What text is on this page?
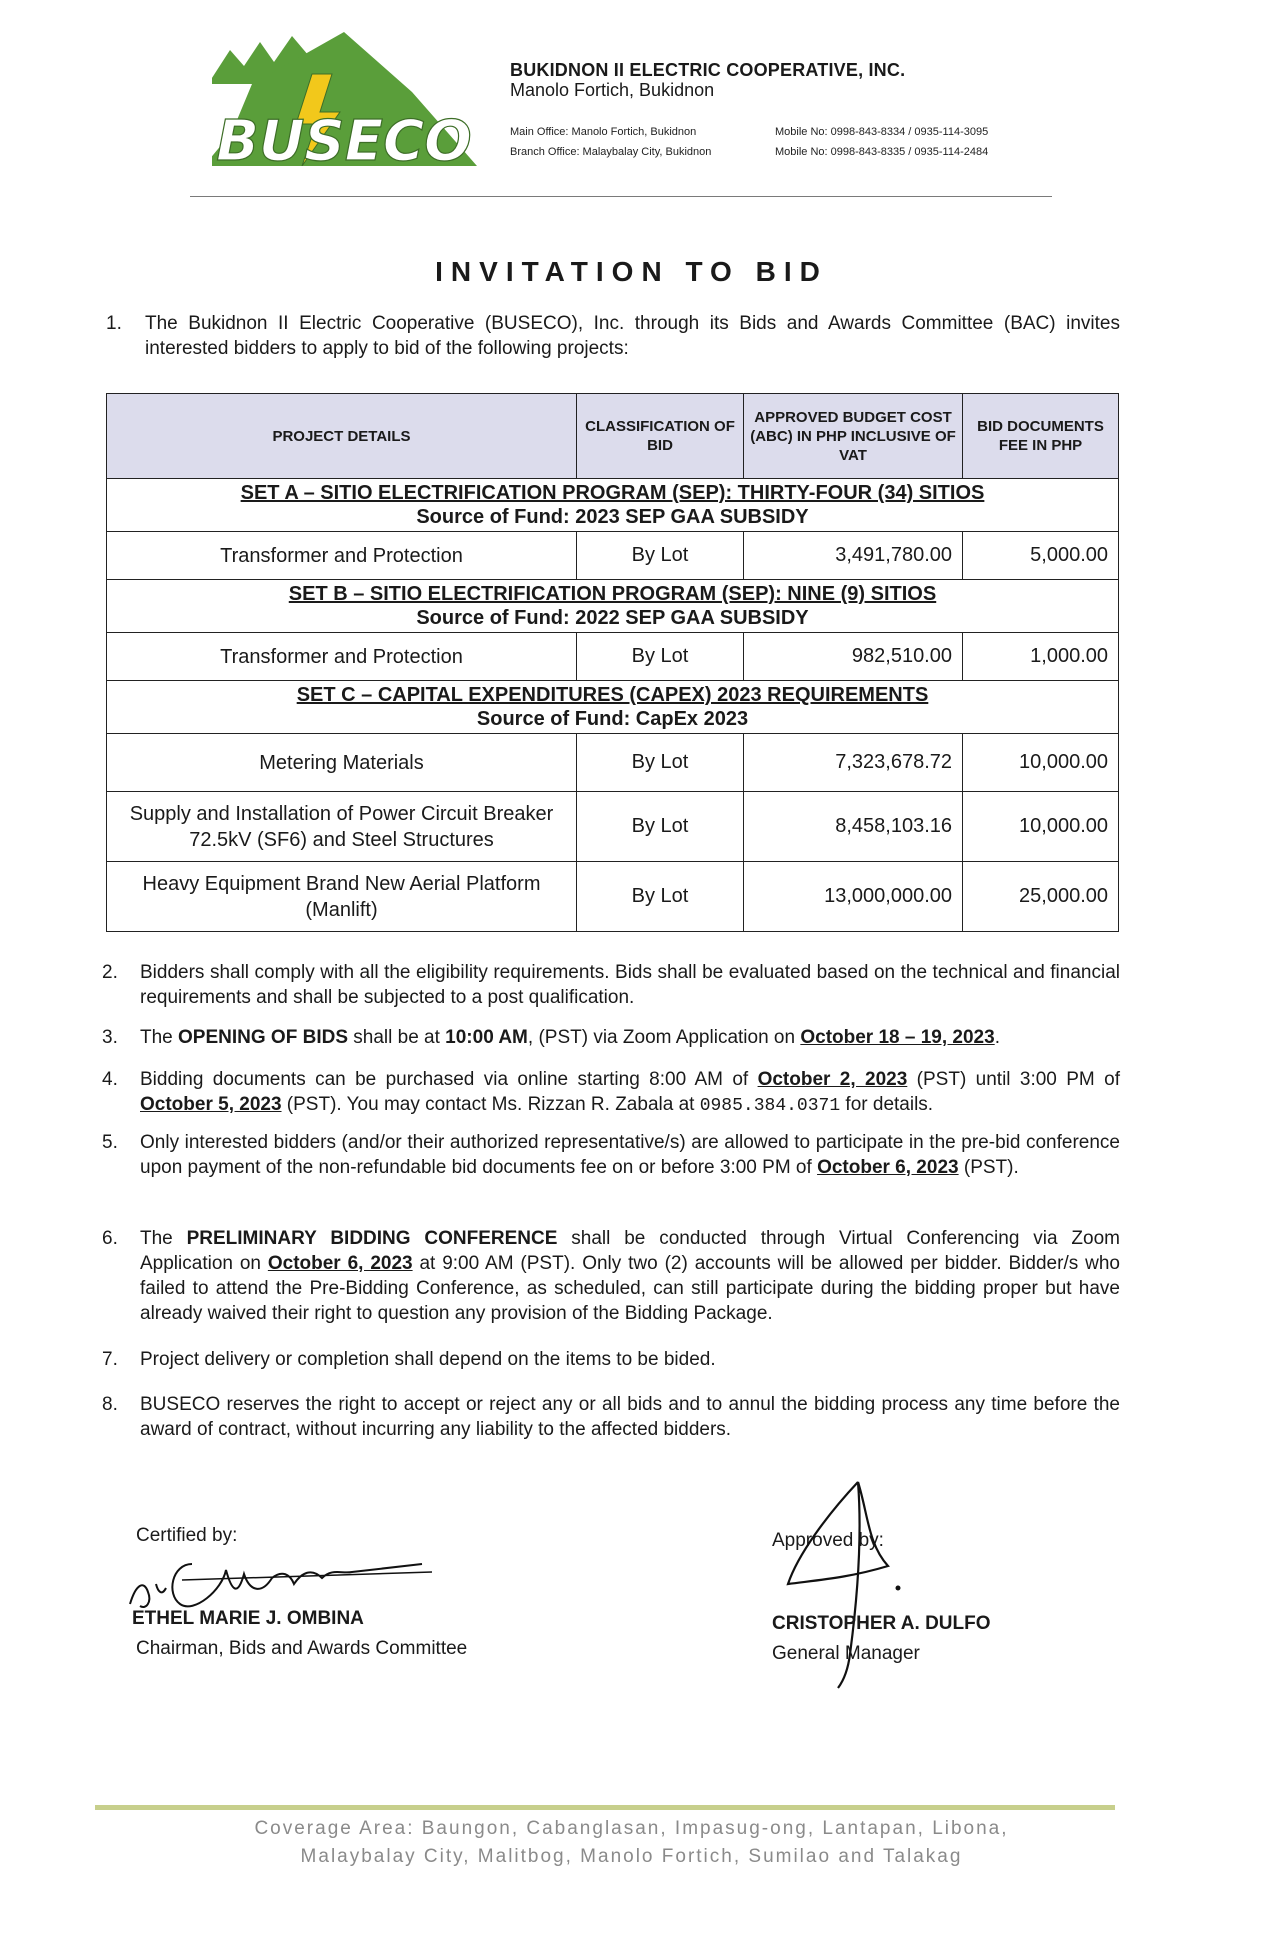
BUSECO
BUKIDNON II ELECTRIC COOPERATIVE, INC.
Manolo Fortich, Bukidnon
Main Office: Manolo Fortich, Bukidnon
Branch Office: Malaybalay City, Bukidnon
Mobile No: 0998-843-8334 / 0935-114-3095
Mobile No: 0998-843-8335 / 0935-114-2484
INVITATION TO BID
1. The Bukidnon II Electric Cooperative (BUSECO), Inc. through its Bids and Awards Committee (BAC) invites interested bidders to apply to bid of the following projects:
PROJECT DETAILS	CLASSIFICATION OF BID	APPROVED BUDGET COST (ABC) IN PHP INCLUSIVE OF VAT	BID DOCUMENTS FEE IN PHP

SET A – SITIO ELECTRIFICATION PROGRAM (SEP): THIRTY-FOUR (34) SITIOS
Source of Fund: 2023 SEP GAA SUBSIDY			

Transformer and Protection	By Lot	3,491,780.00	5,000.00

SET B – SITIO ELECTRIFICATION PROGRAM (SEP): NINE (9) SITIOS
Source of Fund: 2022 SEP GAA SUBSIDY			

Transformer and Protection	By Lot	982,510.00	1,000.00

SET C – CAPITAL EXPENDITURES (CAPEX) 2023 REQUIREMENTS
Source of Fund: CapEx 2023			

Metering Materials	By Lot	7,323,678.72	10,000.00
Supply and Installation of Power Circuit Breaker 72.5kV (SF6) and Steel Structures	By Lot	8,458,103.16	10,000.00
Heavy Equipment Brand New Aerial Platform (Manlift)	By Lot	13,000,000.00	25,000.00
2. Bidders shall comply with all the eligibility requirements. Bids shall be evaluated based on the technical and financial requirements and shall be subjected to a post qualification.
3. The OPENING OF BIDS shall be at 10:00 AM, (PST) via Zoom Application on October 18 – 19, 2023.
4. Bidding documents can be purchased via online starting 8:00 AM of October 2, 2023 (PST) until 3:00 PM of October 5, 2023 (PST). You may contact Ms. Rizzan R. Zabala at 0985.384.0371 for details.
5. Only interested bidders (and/or their authorized representative/s) are allowed to participate in the pre-bid conference upon payment of the non-refundable bid documents fee on or before 3:00 PM of October 6, 2023 (PST).
6. The PRELIMINARY BIDDING CONFERENCE shall be conducted through Virtual Conferencing via Zoom Application on October 6, 2023 at 9:00 AM (PST). Only two (2) accounts will be allowed per bidder. Bidder/s who failed to attend the Pre-Bidding Conference, as scheduled, can still participate during the bidding proper but have already waived their right to question any provision of the Bidding Package.
7. Project delivery or completion shall depend on the items to be bided.
8. BUSECO reserves the right to accept or reject any or all bids and to annul the bidding process any time before the award of contract, without incurring any liability to the affected bidders.
Certified by:
ETHEL MARIE J. OMBINA
Chairman, Bids and Awards Committee
Approved by:
CRISTOPHER A. DULFO
General Manager
Coverage Area: Baungon, Cabanglasan, Impasug-ong, Lantapan, Libona,
Malaybalay City, Malitbog, Manolo Fortich, Sumilao and Talakag
